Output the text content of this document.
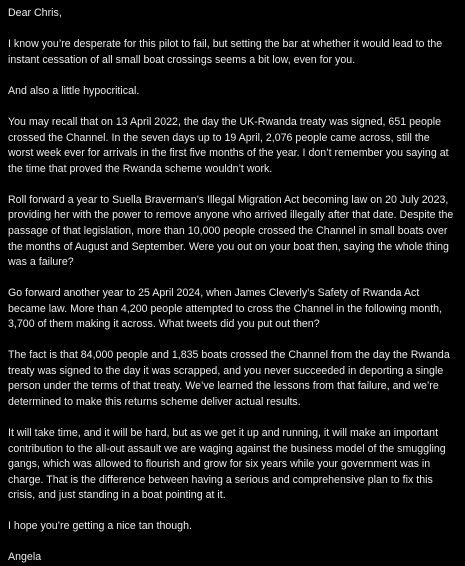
Dear Chris,
I know you’re desperate for this pilot to fail, but setting the bar at whether it would lead to the instant cessation of all small boat crossings seems a bit low, even for you.
And also a little hypocritical.
You may recall that on 13 April 2022, the day the UK-Rwanda treaty was signed, 651 people crossed the Channel. In the seven days up to 19 April, 2,076 people came across, still the worst week ever for arrivals in the first five months of the year. I don’t remember you saying at the time that proved the Rwanda scheme wouldn’t work.
Roll forward a year to Suella Braverman’s Illegal Migration Act becoming law on 20 July 2023, providing her with the power to remove anyone who arrived illegally after that date. Despite the passage of that legislation, more than 10,000 people crossed the Channel in small boats over the months of August and September. Were you out on your boat then, saying the whole thing was a failure?
Go forward another year to 25 April 2024, when James Cleverly’s Safety of Rwanda Act became law. More than 4,200 people attempted to cross the Channel in the following month, 3,700 of them making it across. What tweets did you put out then?
The fact is that 84,000 people and 1,835 boats crossed the Channel from the day the Rwanda treaty was signed to the day it was scrapped, and you never succeeded in deporting a single person under the terms of that treaty. We’ve learned the lessons from that failure, and we’re determined to make this returns scheme deliver actual results.
It will take time, and it will be hard, but as we get it up and running, it will make an important contribution to the all-out assault we are waging against the business model of the smuggling gangs, which was allowed to flourish and grow for six years while your government was in charge. That is the difference between having a serious and comprehensive plan to fix this crisis, and just standing in a boat pointing at it.
I hope you’re getting a nice tan though.
Angela
